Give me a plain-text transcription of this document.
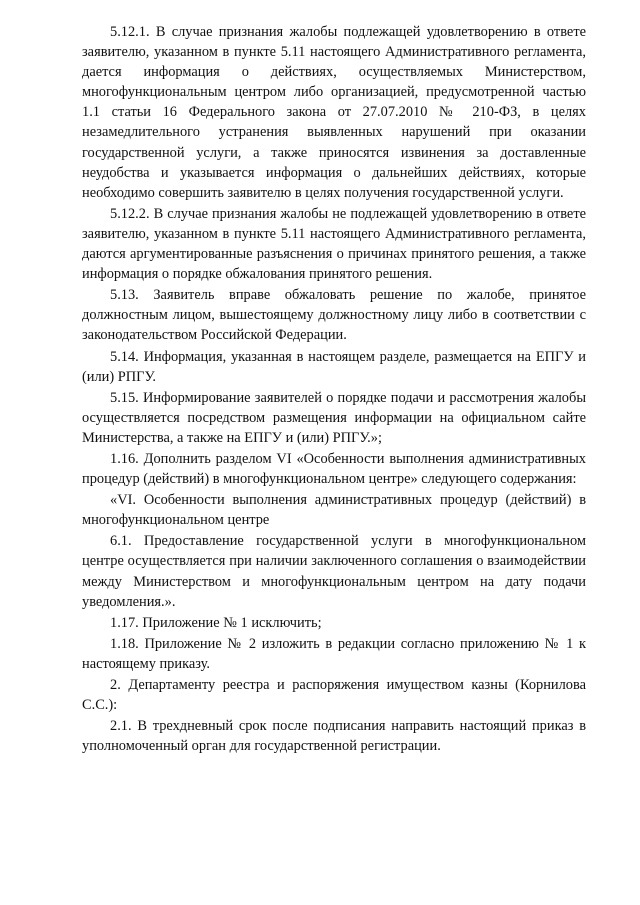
5.12.1. В случае признания жалобы подлежащей удовлетворению в ответе заявителю, указанном в пункте 5.11 настоящего Административного регламента, дается информация о действиях, осуществляемых Министерством, многофункциональным центром либо организацией, предусмотренной частью 1.1 статьи 16 Федерального закона от 27.07.2010 № 210-ФЗ, в целях незамедлительного устранения выявленных нарушений при оказании государственной услуги, а также приносятся извинения за доставленные неудобства и указывается информация о дальнейших действиях, которые необходимо совершить заявителю в целях получения государственной услуги.

5.12.2. В случае признания жалобы не подлежащей удовлетворению в ответе заявителю, указанном в пункте 5.11 настоящего Административного регламента, даются аргументированные разъяснения о причинах принятого решения, а также информация о порядке обжалования принятого решения.

5.13. Заявитель вправе обжаловать решение по жалобе, принятое должностным лицом, вышестоящему должностному лицу либо в соответствии с законодательством Российской Федерации.

5.14. Информация, указанная в настоящем разделе, размещается на ЕПГУ и (или) РПГУ.

5.15. Информирование заявителей о порядке подачи и рассмотрения жалобы осуществляется посредством размещения информации на официальном сайте Министерства, а также на ЕПГУ и (или) РПГУ.»;

1.16. Дополнить разделом VI «Особенности выполнения административных процедур (действий) в многофункциональном центре» следующего содержания:

«VI. Особенности выполнения административных процедур (действий) в многофункциональном центре

6.1. Предоставление государственной услуги в многофункциональном центре осуществляется при наличии заключенного соглашения о взаимодействии между Министерством и многофункциональным центром на дату подачи уведомления.».

1.17. Приложение № 1 исключить;

1.18. Приложение № 2 изложить в редакции согласно приложению № 1 к настоящему приказу.

2. Департаменту реестра и распоряжения имуществом казны (Корнилова С.С.):

2.1. В трехдневный срок после подписания направить настоящий приказ в уполномоченный орган для государственной регистрации.
